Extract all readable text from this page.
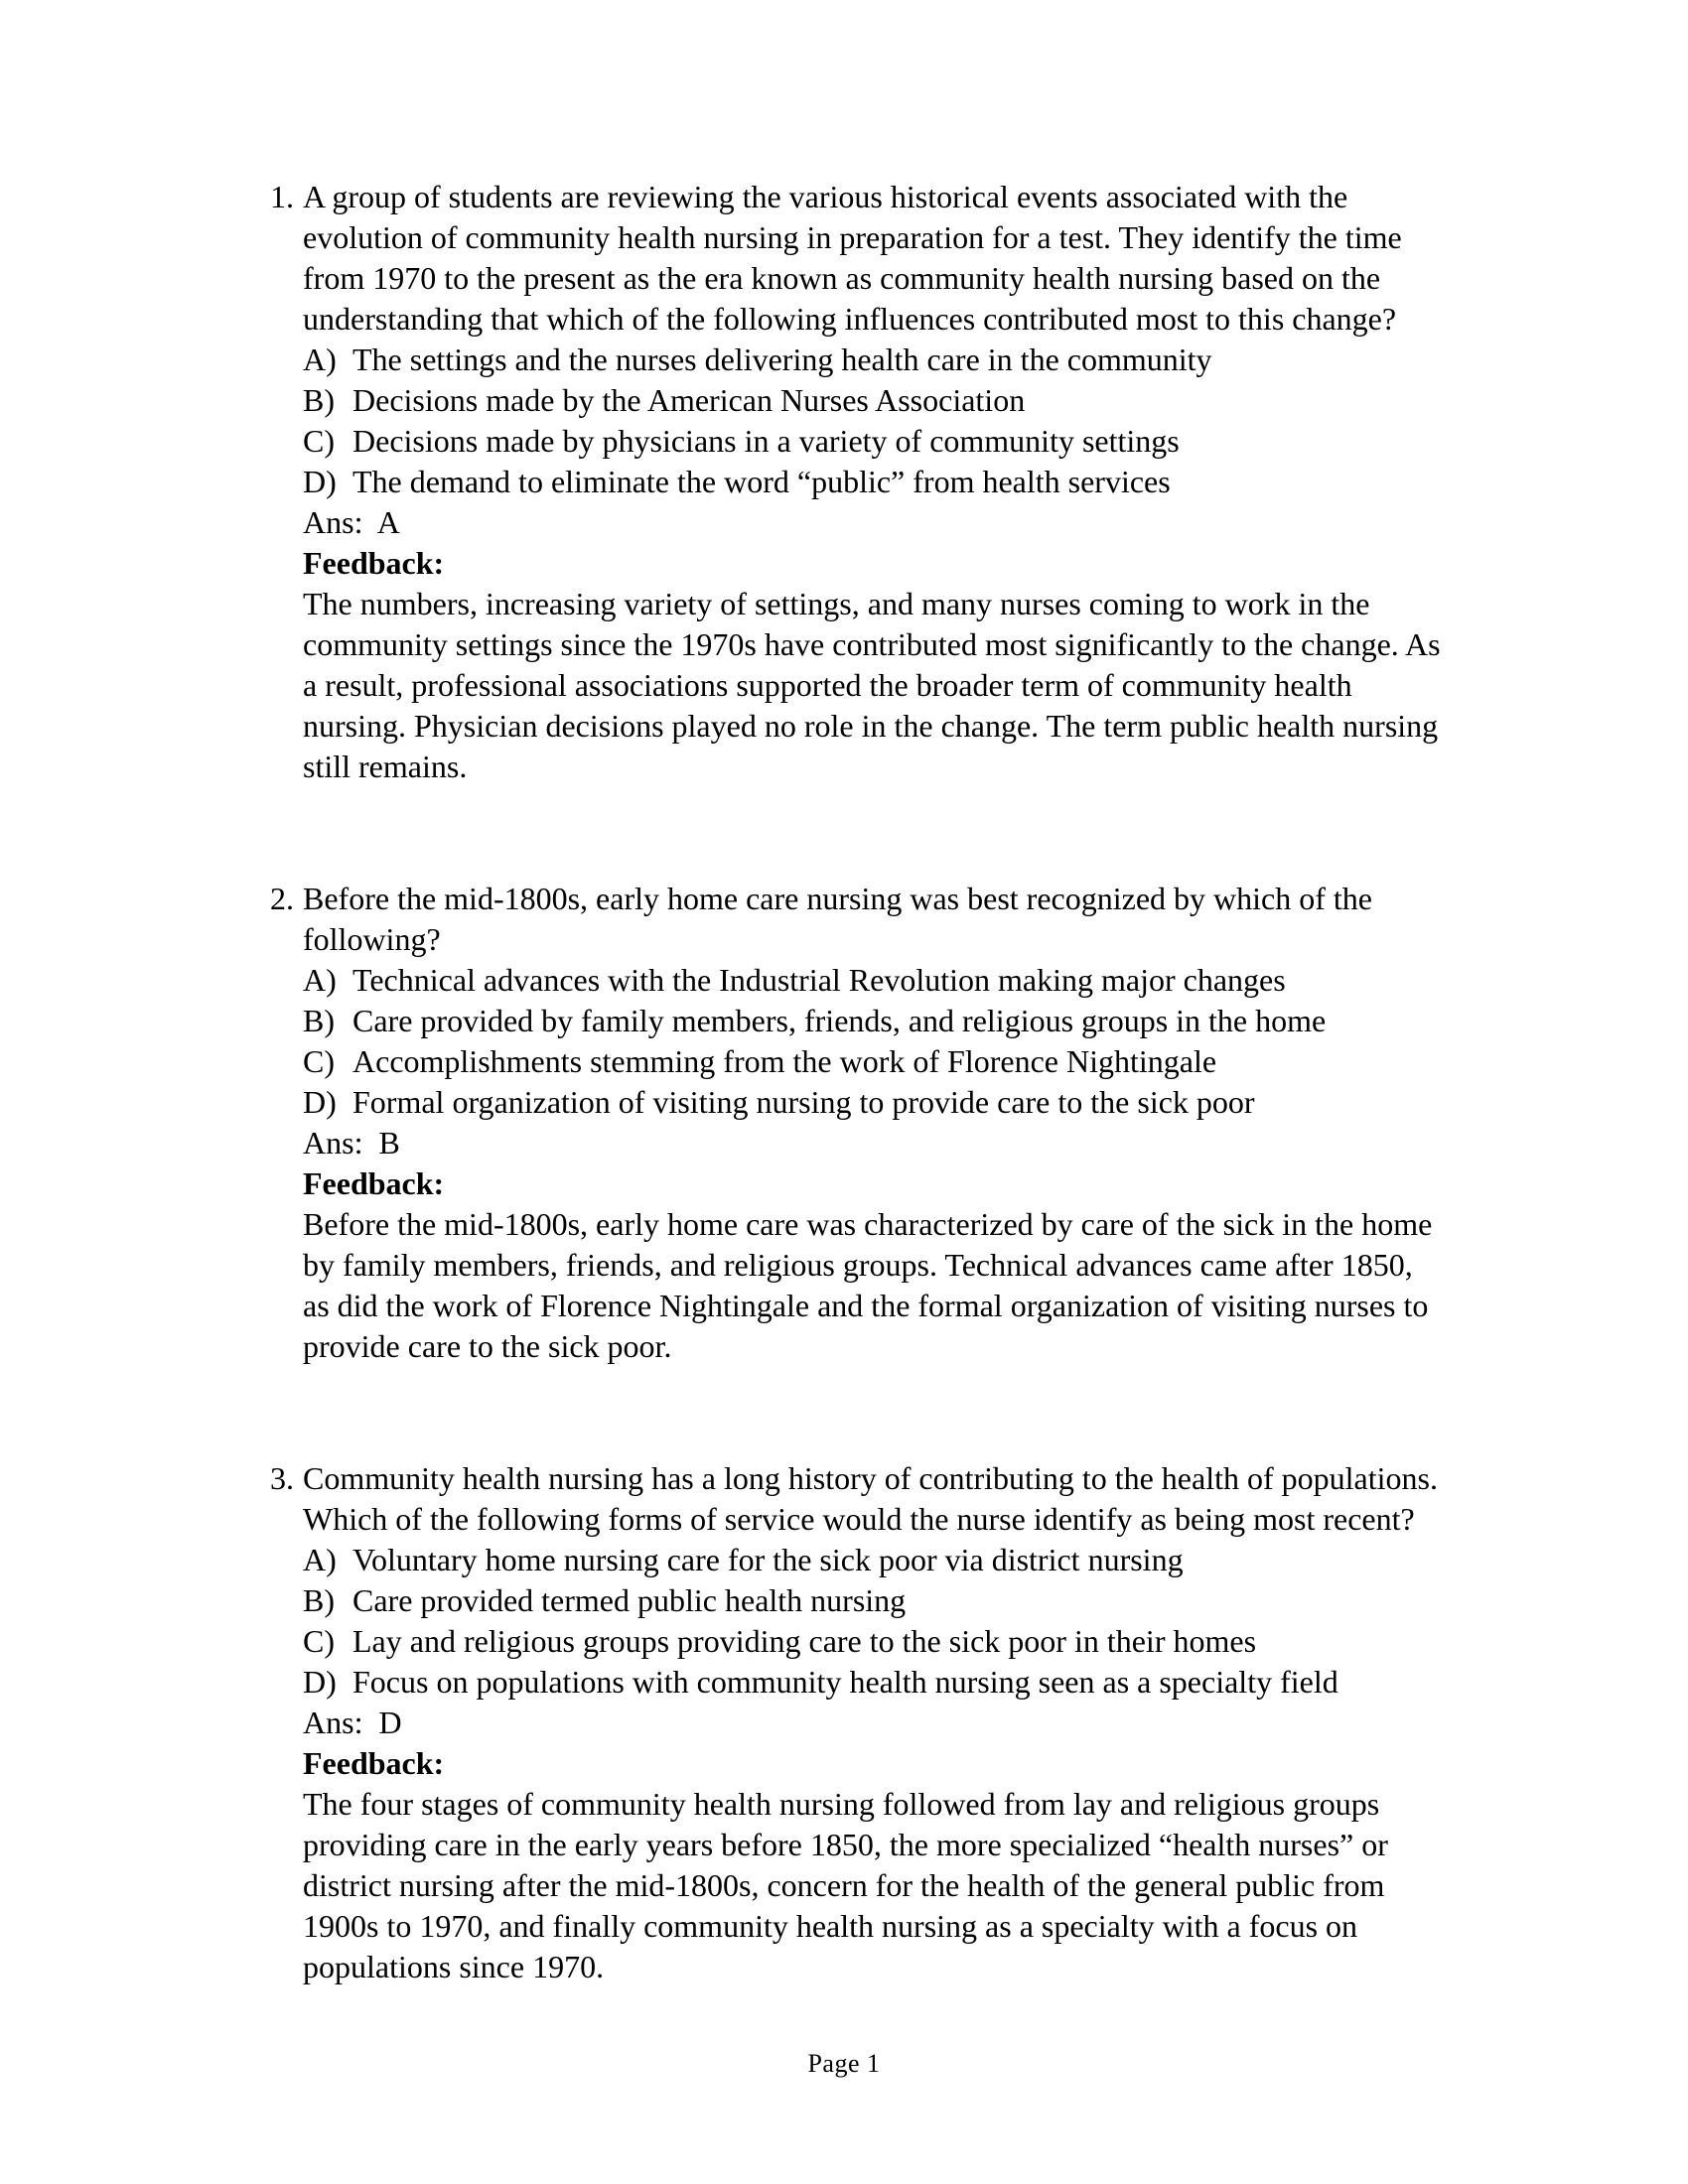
1. A group of students are reviewing the various historical events associated with the evolution of community health nursing in preparation for a test. They identify the time from 1970 to the present as the era known as community health nursing based on the understanding that which of the following influences contributed most to this change?
A) The settings and the nurses delivering health care in the community
B) Decisions made by the American Nurses Association
C) Decisions made by physicians in a variety of community settings
D) The demand to eliminate the word “public” from health services
Ans:  A
Feedback:
The numbers, increasing variety of settings, and many nurses coming to work in the community settings since the 1970s have contributed most significantly to the change. As a result, professional associations supported the broader term of community health nursing. Physician decisions played no role in the change. The term public health nursing still remains.
2. Before the mid-1800s, early home care nursing was best recognized by which of the following?
A) Technical advances with the Industrial Revolution making major changes
B) Care provided by family members, friends, and religious groups in the home
C) Accomplishments stemming from the work of Florence Nightingale
D) Formal organization of visiting nursing to provide care to the sick poor
Ans:  B
Feedback:
Before the mid-1800s, early home care was characterized by care of the sick in the home by family members, friends, and religious groups. Technical advances came after 1850, as did the work of Florence Nightingale and the formal organization of visiting nurses to provide care to the sick poor.
3. Community health nursing has a long history of contributing to the health of populations. Which of the following forms of service would the nurse identify as being most recent?
A) Voluntary home nursing care for the sick poor via district nursing
B) Care provided termed public health nursing
C) Lay and religious groups providing care to the sick poor in their homes
D) Focus on populations with community health nursing seen as a specialty field
Ans:  D
Feedback:
The four stages of community health nursing followed from lay and religious groups providing care in the early years before 1850, the more specialized “health nurses” or district nursing after the mid-1800s, concern for the health of the general public from 1900s to 1970, and finally community health nursing as a specialty with a focus on populations since 1970.
Page 1
